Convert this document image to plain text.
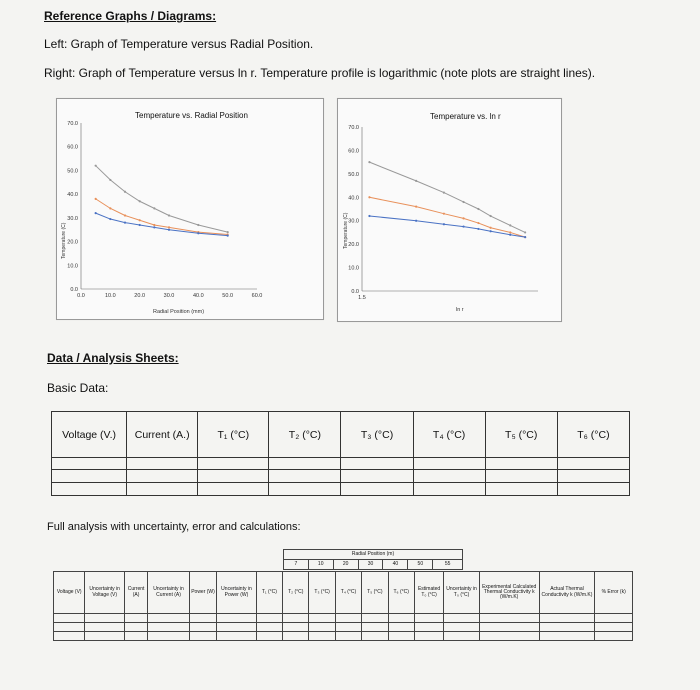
Reference Graphs / Diagrams:
Left: Graph of Temperature versus Radial Position.
Right: Graph of Temperature versus ln r. Temperature profile is logarithmic (note plots are straight lines).
Temperature vs. Radial Position
0.0
10.0
20.0
30.0
40.0
50.0
60.0
70.0
0.0	10.0	20.0	30.0	40.0	50.0	60.0
Radial Position (mm)
Temperature (C)
Temperature vs. ln r
0.0
10.0
20.0
30.0
40.0
50.0
60.0
70.0
1.5
ln r
Temperature (C)
Data / Analysis Sheets:
Basic Data:
Voltage (V.)	Current (A.)	T₁ (°C)	T₂ (°C)	T₃ (°C)	T₄ (°C)	T₅ (°C)	T₆ (°C)

Full analysis with uncertainty, error and calculations:
Radial Position (m)
7	10	20	30	40	50	55
Voltage (V)	Uncertainty in Voltage (V)	Current (A)	Uncertainty in Current (A)	Power (W)	Uncertainty in Power (W)	T₁ (°C)	T₂ (°C)	T₃ (°C)	T₄ (°C)	T₅ (°C)	T₆ (°C)	Estimated T₀ (°C)	Uncertainty in T₀ (°C)	Experimental Calculated Thermal Conductivity k (W/m.K)	Actual Thermal Conductivity k (W/m.K)	% Error (k)
